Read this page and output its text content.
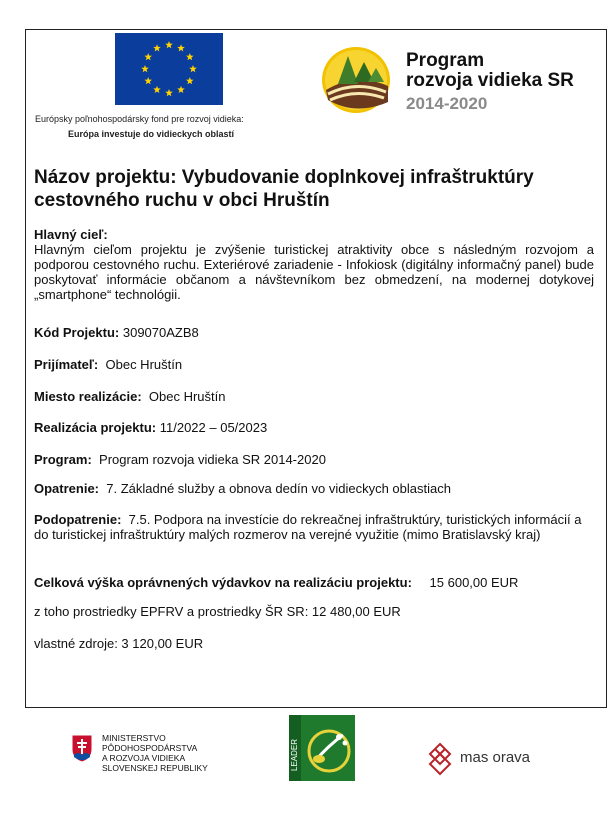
Európsky poľnohospodársky fond pre rozvoj vidieka:
Európa investuje do vidieckych oblastí
Program
rozvoja vidieka SR
2014-2020
Názov projektu: Vybudovanie doplnkovej infraštruktúry cestovného ruchu v obci Hruštín
Hlavný cieľ:
Hlavným cieľom projektu je zvýšenie turistickej atraktivity obce s následným rozvojom a podporou cestovného ruchu. Exteriérové zariadenie - Infokiosk (digitálny informačný panel) bude poskytovať informácie občanom a návštevníkom bez obmedzení, na modernej dotykovej „smartphone“ technológii.
Kód Projektu: 309070AZB8
Prijímateľ: Obec Hruštín
Miesto realizácie: Obec Hruštín
Realizácia projektu: 11/2022 – 05/2023
Program: Program rozvoja vidieka SR 2014-2020
Opatrenie: 7. Základné služby a obnova dedín vo vidieckych oblastiach
Podopatrenie: 7.5. Podpora na investície do rekreačnej infraštruktúry, turistických informácií a do turistickej infraštruktúry malých rozmerov na verejné využitie (mimo Bratislavský kraj)
Celková výška oprávnených výdavkov na realizáciu projektu: 15 600,00 EUR
z toho prostriedky EPFRV a prostriedky ŠR SR: 12 480,00 EUR
vlastné zdroje: 3 120,00 EUR
MINISTERSTVO
PÔDOHOSPODÁRSTVA
A ROZVOJA VIDIEKA
SLOVENSKEJ REPUBLIKY	LEADER	mas orava
